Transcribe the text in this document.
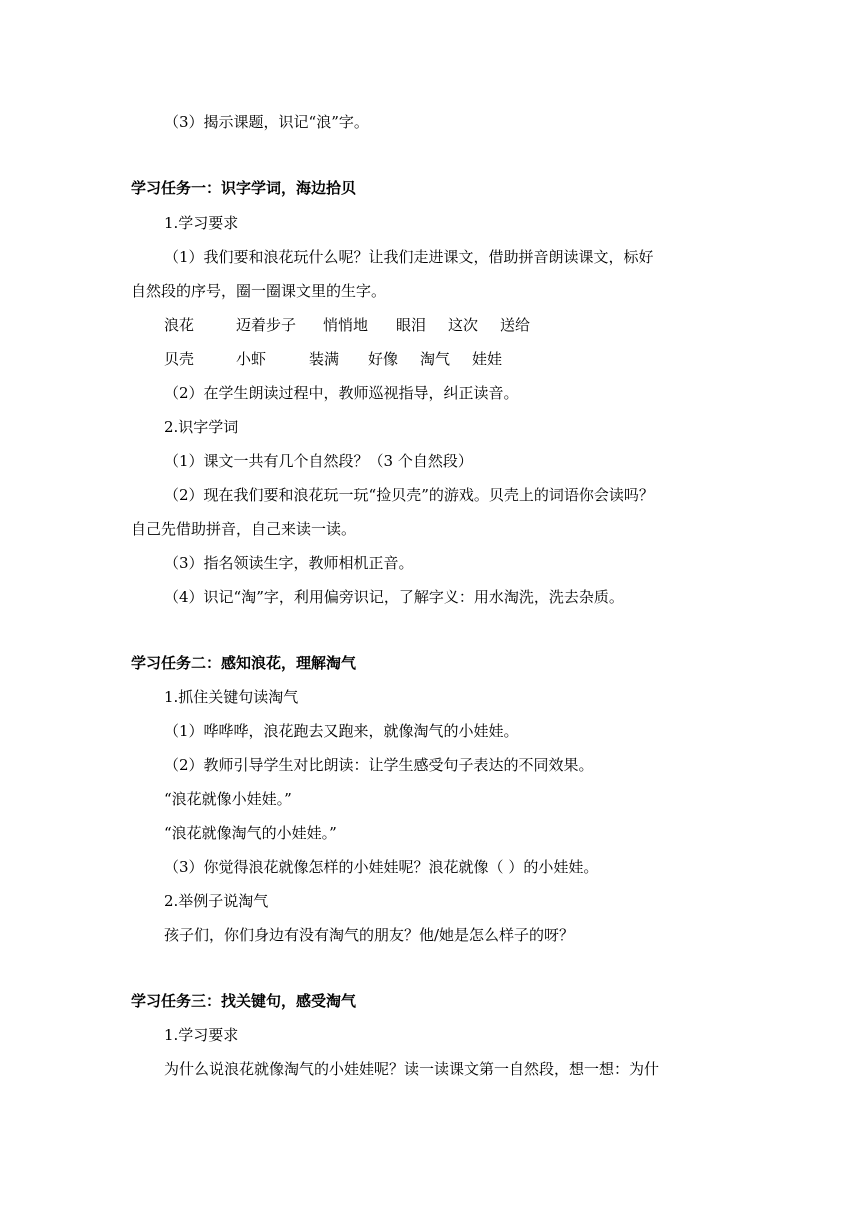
（3）揭示课题，识记“浪”字。
学习任务一：识字学词，海边拾贝
1.学习要求
（1）我们要和浪花玩什么呢？让我们走进课文，借助拼音朗读课文，标好
自然段的序号，圈一圈课文里的生字。
浪花	迈着步子 悄悄地 眼泪 这次 送给
贝壳	小虾	装满 好像 淘气 娃娃
（2）在学生朗读过程中，教师巡视指导，纠正读音。
2.识字学词
（1）课文一共有几个自然段？（3 个自然段）
（2）现在我们要和浪花玩一玩“捡贝壳”的游戏。贝壳上的词语你会读吗？
自己先借助拼音，自己来读一读。
（3）指名领读生字，教师相机正音。
（4）识记“淘”字，利用偏旁识记，了解字义：用水淘洗，洗去杂质。
学习任务二：感知浪花，理解淘气
1.抓住关键句读淘气
（1）哗哗哗，浪花跑去又跑来，就像淘气的小娃娃。
（2）教师引导学生对比朗读：让学生感受句子表达的不同效果。
“浪花就像小娃娃。”
“浪花就像淘气的小娃娃。”
（3）你觉得浪花就像怎样的小娃娃呢？浪花就像（ ）的小娃娃。
2.举例子说淘气
孩子们，你们身边有没有淘气的朋友？他/她是怎么样子的呀？
学习任务三：找关键句，感受淘气
1.学习要求
为什么说浪花就像淘气的小娃娃呢？读一读课文第一自然段，想一想：为什
